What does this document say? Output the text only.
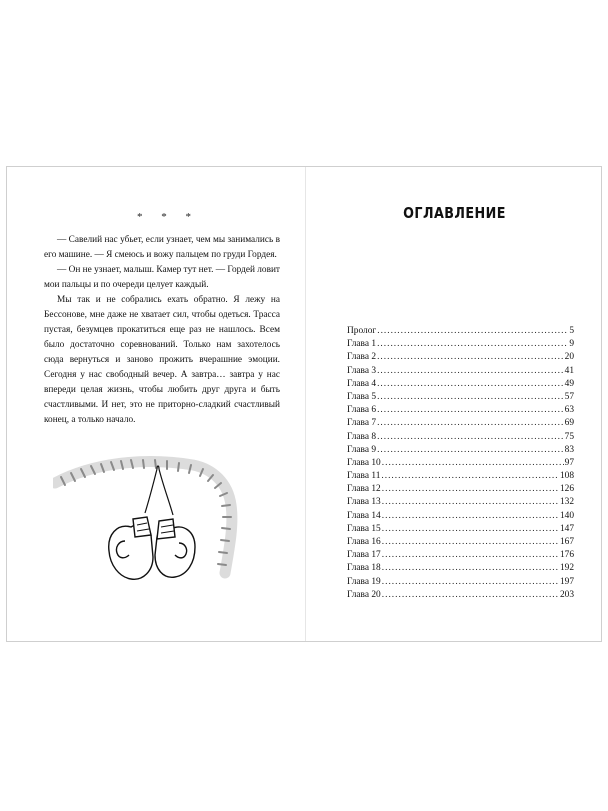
* * *

— Савелий нас убьет, если узнает, чем мы занимались в его машине. — Я смеюсь и вожу пальцем по груди Гордея.

— Он не узнает, малыш. Камер тут нет. — Гордей ловит мои пальцы и по очереди целует каждый.

Мы так и не собрались ехать обратно. Я лежу на Бессонове, мне даже не хватает сил, чтобы одеться. Трасса пустая, безумцев прокатиться еще раз не нашлось. Всем было достаточно соревнований. Только нам захотелось сюда вернуться и заново прожить вчерашние эмоции. Сегодня у нас свободный вечер. А завтра… завтра у нас впереди целая жизнь, чтобы любить друг друга и быть счастливыми. И нет, это не приторно-сладкий счастливый конец, а только начало.

ОГЛАВЛЕНИЕ
Пролог .....	5
Глава 1 .....	9
Глава 2 .....	20
Глава 3 .....	41
Глава 4 .....	49
Глава 5 .....	57
Глава 6 .....	63
Глава 7 .....	69
Глава 8 .....	75
Глава 9 .....	83
Глава 10 .....	97
Глава 11 .....	108
Глава 12 .....	126
Глава 13 .....	132
Глава 14 .....	140
Глава 15 .....	147
Глава 16 .....	167
Глава 17 .....	176
Глава 18 .....	192
Глава 19 .....	197
Глава 20 .....	203
